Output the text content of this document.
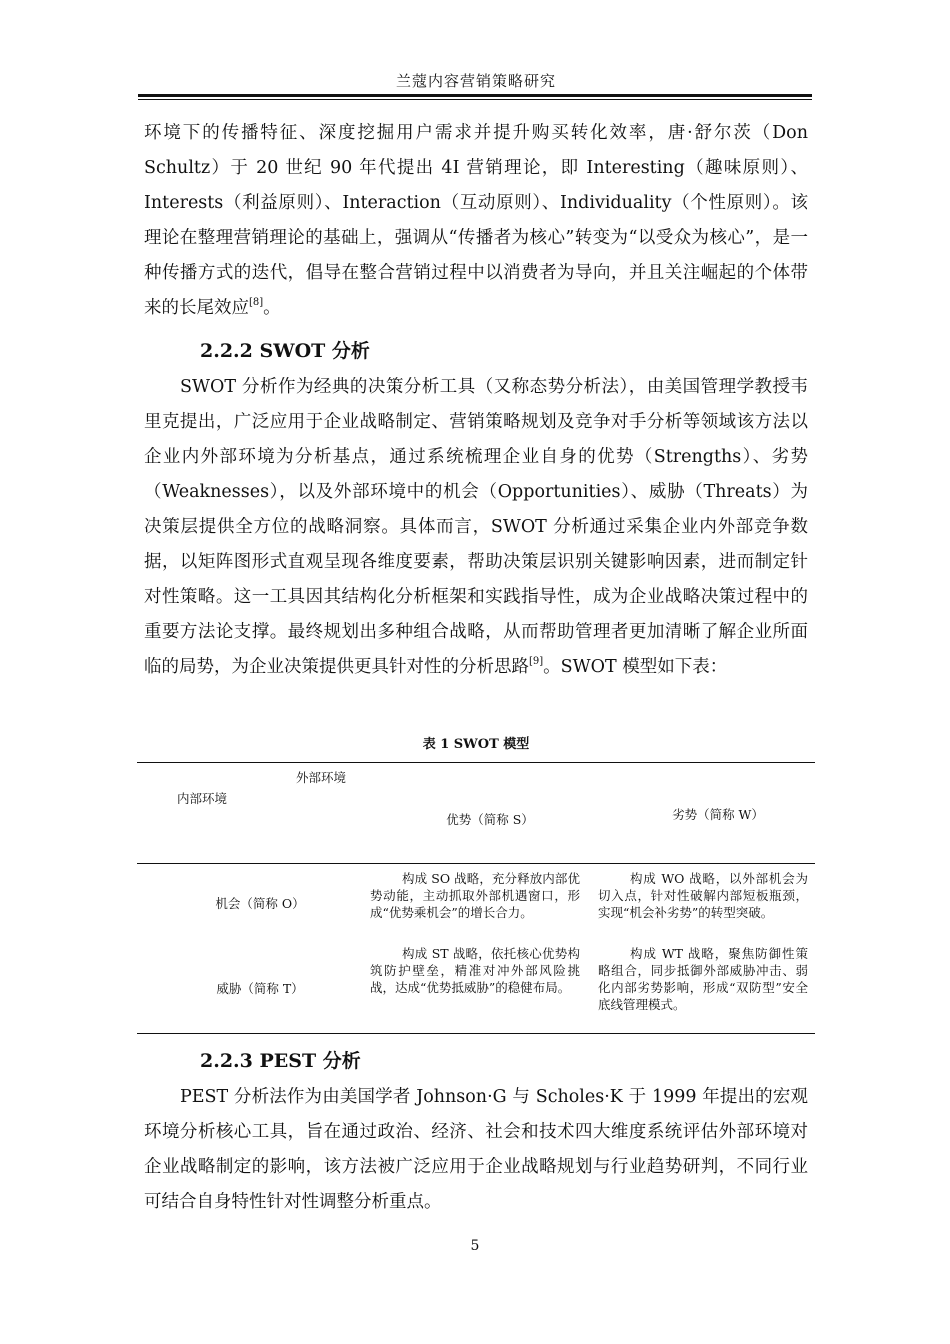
兰蔻内容营销策略研究

环境下的传播特征、深度挖掘用户需求并提升购买转化效率，唐·舒尔茨（Don Schultz）于 20 世纪 90 年代提出 4I 营销理论，即 Interesting（趣味原则）、Interests（利益原则）、Interaction（互动原则）、Individuality（个性原则）。该理论在整理营销理论的基础上，强调从“传播者为核心”转变为“以受众为核心”，是一种传播方式的迭代，倡导在整合营销过程中以消费者为导向，并且关注崛起的个体带来的长尾效应[8]。

2.2.2 SWOT 分析

SWOT 分析作为经典的决策分析工具（又称态势分析法），由美国管理学教授韦里克提出，广泛应用于企业战略制定、营销策略规划及竞争对手分析等领域该方法以企业内外部环境为分析基点，通过系统梳理企业自身的优势（Strengths）、劣势（Weaknesses），以及外部环境中的机会（Opportunities）、威胁（Threats）为决策层提供全方位的战略洞察。具体而言，SWOT 分析通过采集企业内外部竞争数据，以矩阵图形式直观呈现各维度要素，帮助决策层识别关键影响因素，进而制定针对性策略。这一工具因其结构化分析框架和实践指导性，成为企业战略决策过程中的重要方法论支撑。最终规划出多种组合战略，从而帮助管理者更加清晰了解企业所面临的局势，为企业决策提供更具针对性的分析思路[9]。SWOT 模型如下表：

表 1 SWOT 模型
外部环境
内部环境
优势（简称 S）	劣势（简称 W）
机会（简称 O）
构成 SO 战略，充分释放内部优势动能，主动抓取外部机遇窗口，形成“优势乘机会”的增长合力。
构成 WO 战略，以外部机会为切入点，针对性破解内部短板瓶颈，实现“机会补劣势”的转型突破。
威胁（简称 T）
构成 ST 战略，依托核心优势构筑防护壁垒，精准对冲外部风险挑战，达成“优势抵威胁”的稳健布局。
构成 WT 战略，聚焦防御性策略组合，同步抵御外部威胁冲击、弱化内部劣势影响，形成“双防型”安全底线管理模式。
2.2.3 PEST 分析

PEST 分析法作为由美国学者 Johnson·G 与 Scholes·K 于 1999 年提出的宏观环境分析核心工具，旨在通过政治、经济、社会和技术四大维度系统评估外部环境对企业战略制定的影响，该方法被广泛应用于企业战略规划与行业趋势研判，不同行业可结合自身特性针对性调整分析重点。

5
